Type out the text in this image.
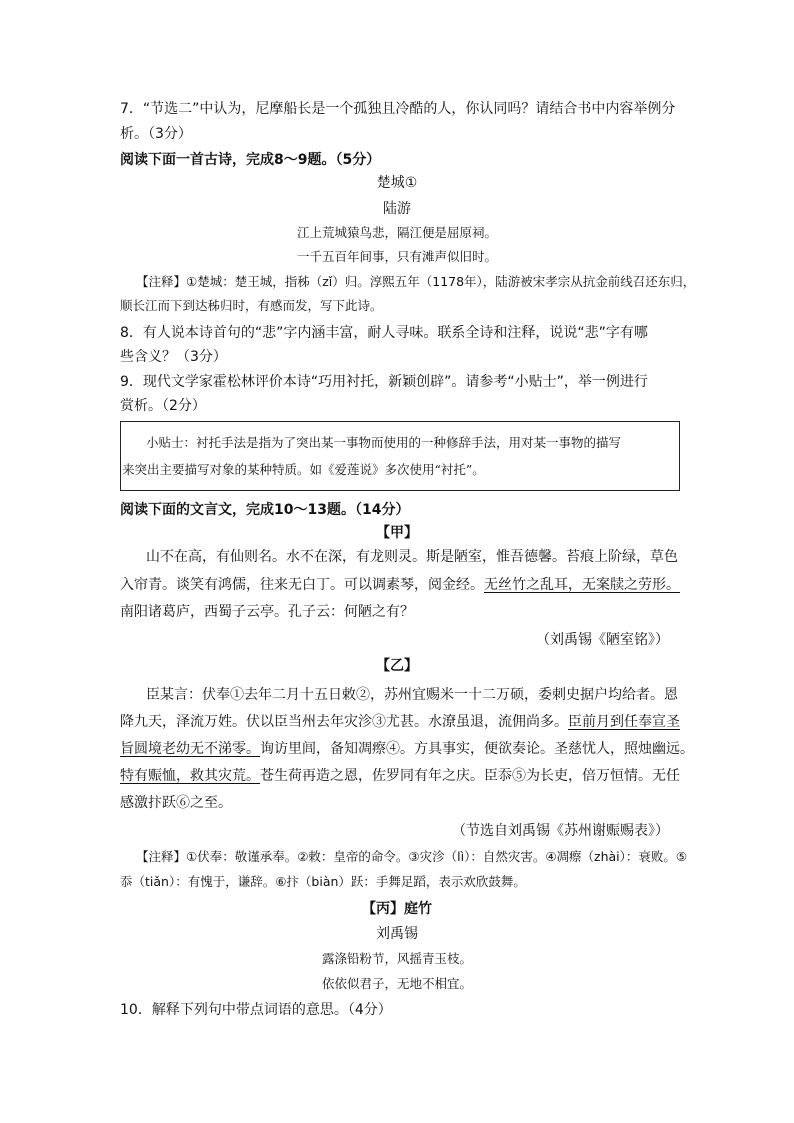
7．“节选二”中认为，尼摩船长是一个孤独且冷酷的人，你认同吗？请结合书中内容举例分
析。（3分）
阅读下面一首古诗，完成8～9题。（5分）
楚城①
陆游
江上荒城猿鸟悲，隔江便是屈原祠。
一千五百年间事，只有滩声似旧时。
【注释】①楚城：楚王城，指秭（zǐ）归。淳熙五年（1178年），陆游被宋孝宗从抗金前线召还东归，
顺长江而下到达秭归时，有感而发，写下此诗。
8．有人说本诗首句的“悲”字内涵丰富，耐人寻味。联系全诗和注释，说说“悲”字有哪
些含义？（3分）
9．现代文学家霍松林评价本诗“巧用衬托，新颖创辟”。请参考“小贴士”，举一例进行
赏析。（2分）
小贴士：衬托手法是指为了突出某一事物而使用的一种修辞手法，用对某一事物的描写
来突出主要描写对象的某种特质。如《爱莲说》多次使用“衬托”。
阅读下面的文言文，完成10～13题。（14分）
【甲】
山不在高，有仙则名。水不在深，有龙则灵。斯是陋室，惟吾德馨。苔痕上阶绿，草色
入帘青。谈笑有鸿儒，往来无白丁。可以调素琴，阅金经。无丝竹之乱耳，无案牍之劳形。
南阳诸葛庐，西蜀子云亭。孔子云：何陋之有？
（刘禹锡《陋室铭》）
【乙】
臣某言：伏奉①去年二月十五日敕②，苏州宜赐米一十二万硕，委刺史据户均给者。恩
降九天，泽流万姓。伏以臣当州去年灾沴③尤甚。水潦虽退，流佣尚多。臣前月到任奉宣圣
旨圆境老幼无不涕零。询访里闾，备知凋瘵④。方具事实，便欲奏论。圣慈忧人，照烛幽远。
特有赈恤，救其灾荒。苍生荷再造之恩，佐罗同有年之庆。臣忝⑤为长吏，倍万恒情。无任
感激抃跃⑥之至。
（节选自刘禹锡《苏州谢赈赐表》）
【注释】①伏奉：敬谨承奉。②敕：皇帝的命令。③灾沴（lì）：自然灾害。④凋瘵（zhài）：衰败。⑤
忝（tiǎn）：有愧于，谦辞。⑥抃（biàn）跃：手舞足蹈，表示欢欣鼓舞。
【丙】庭竹
刘禹锡
露涤铅粉节，风摇青玉枝。
依依似君子，无地不相宜。
10．解释下列句中带点词语的意思。（4分）
